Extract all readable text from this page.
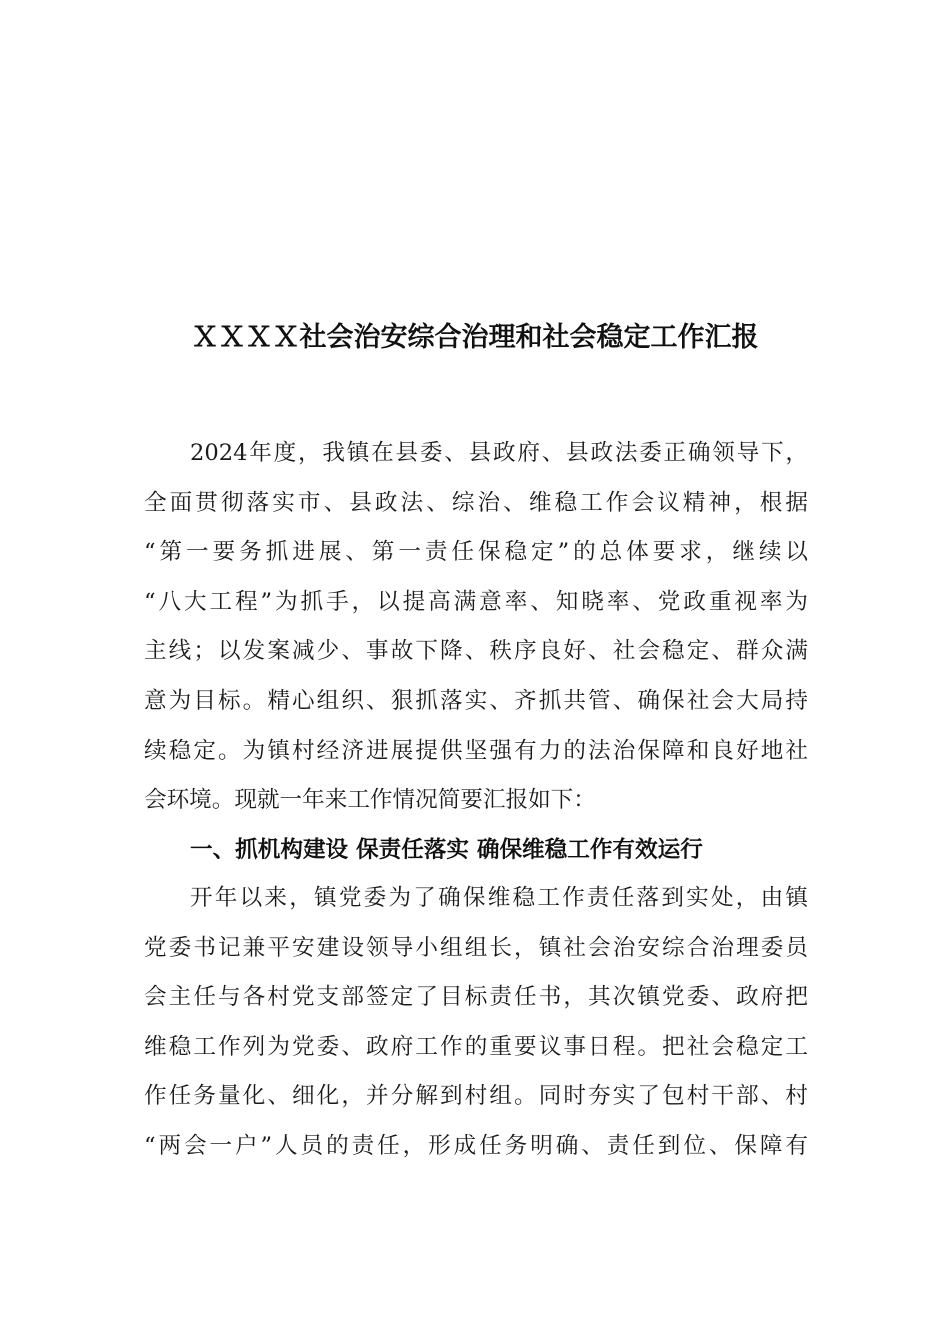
ＸＸＸＸ社会治安综合治理和社会稳定工作汇报
2024年度，我镇在县委、县政府、县政法委正确领导下，
全面贯彻落实市、县政法、综治、维稳工作会议精神，根据
“第一要务抓进展、第一责任保稳定”的总体要求，继续以
“八大工程”为抓手，以提高满意率、知晓率、党政重视率为
主线；以发案减少、事故下降、秩序良好、社会稳定、群众满
意为目标。精心组织、狠抓落实、齐抓共管、确保社会大局持
续稳定。为镇村经济进展提供坚强有力的法治保障和良好地社
会环境。现就一年来工作情况简要汇报如下：
一、抓机构建设 保责任落实 确保维稳工作有效运行
开年以来，镇党委为了确保维稳工作责任落到实处，由镇
党委书记兼平安建设领导小组组长，镇社会治安综合治理委员
会主任与各村党支部签定了目标责任书，其次镇党委、政府把
维稳工作列为党委、政府工作的重要议事日程。把社会稳定工
作任务量化、细化，并分解到村组。同时夯实了包村干部、村
“两会一户”人员的责任，形成任务明确、责任到位、保障有
